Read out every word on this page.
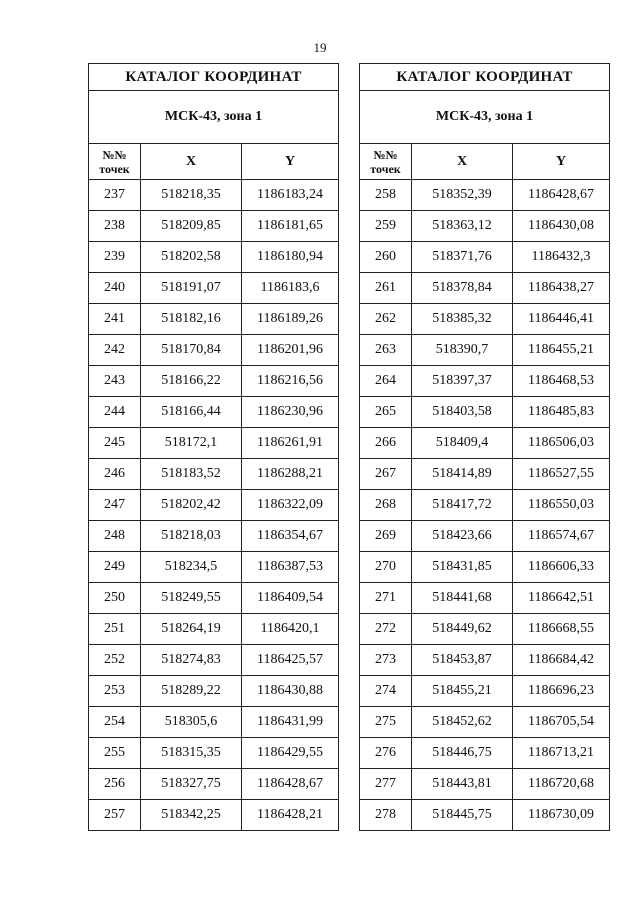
19
КАТАЛОГ КООРДИНАТ		
МСК-43, зона 1		
№№
точек	X	Y
237	518218,35	1186183,24
238	518209,85	1186181,65
239	518202,58	1186180,94
240	518191,07	1186183,6
241	518182,16	1186189,26
242	518170,84	1186201,96
243	518166,22	1186216,56
244	518166,44	1186230,96
245	518172,1	1186261,91
246	518183,52	1186288,21
247	518202,42	1186322,09
248	518218,03	1186354,67
249	518234,5	1186387,53
250	518249,55	1186409,54
251	518264,19	1186420,1
252	518274,83	1186425,57
253	518289,22	1186430,88
254	518305,6	1186431,99
255	518315,35	1186429,55
256	518327,75	1186428,67
257	518342,25	1186428,21
КАТАЛОГ КООРДИНАТ		
МСК-43, зона 1		
№№
точек	X	Y
258	518352,39	1186428,67
259	518363,12	1186430,08
260	518371,76	1186432,3
261	518378,84	1186438,27
262	518385,32	1186446,41
263	518390,7	1186455,21
264	518397,37	1186468,53
265	518403,58	1186485,83
266	518409,4	1186506,03
267	518414,89	1186527,55
268	518417,72	1186550,03
269	518423,66	1186574,67
270	518431,85	1186606,33
271	518441,68	1186642,51
272	518449,62	1186668,55
273	518453,87	1186684,42
274	518455,21	1186696,23
275	518452,62	1186705,54
276	518446,75	1186713,21
277	518443,81	1186720,68
278	518445,75	1186730,09
